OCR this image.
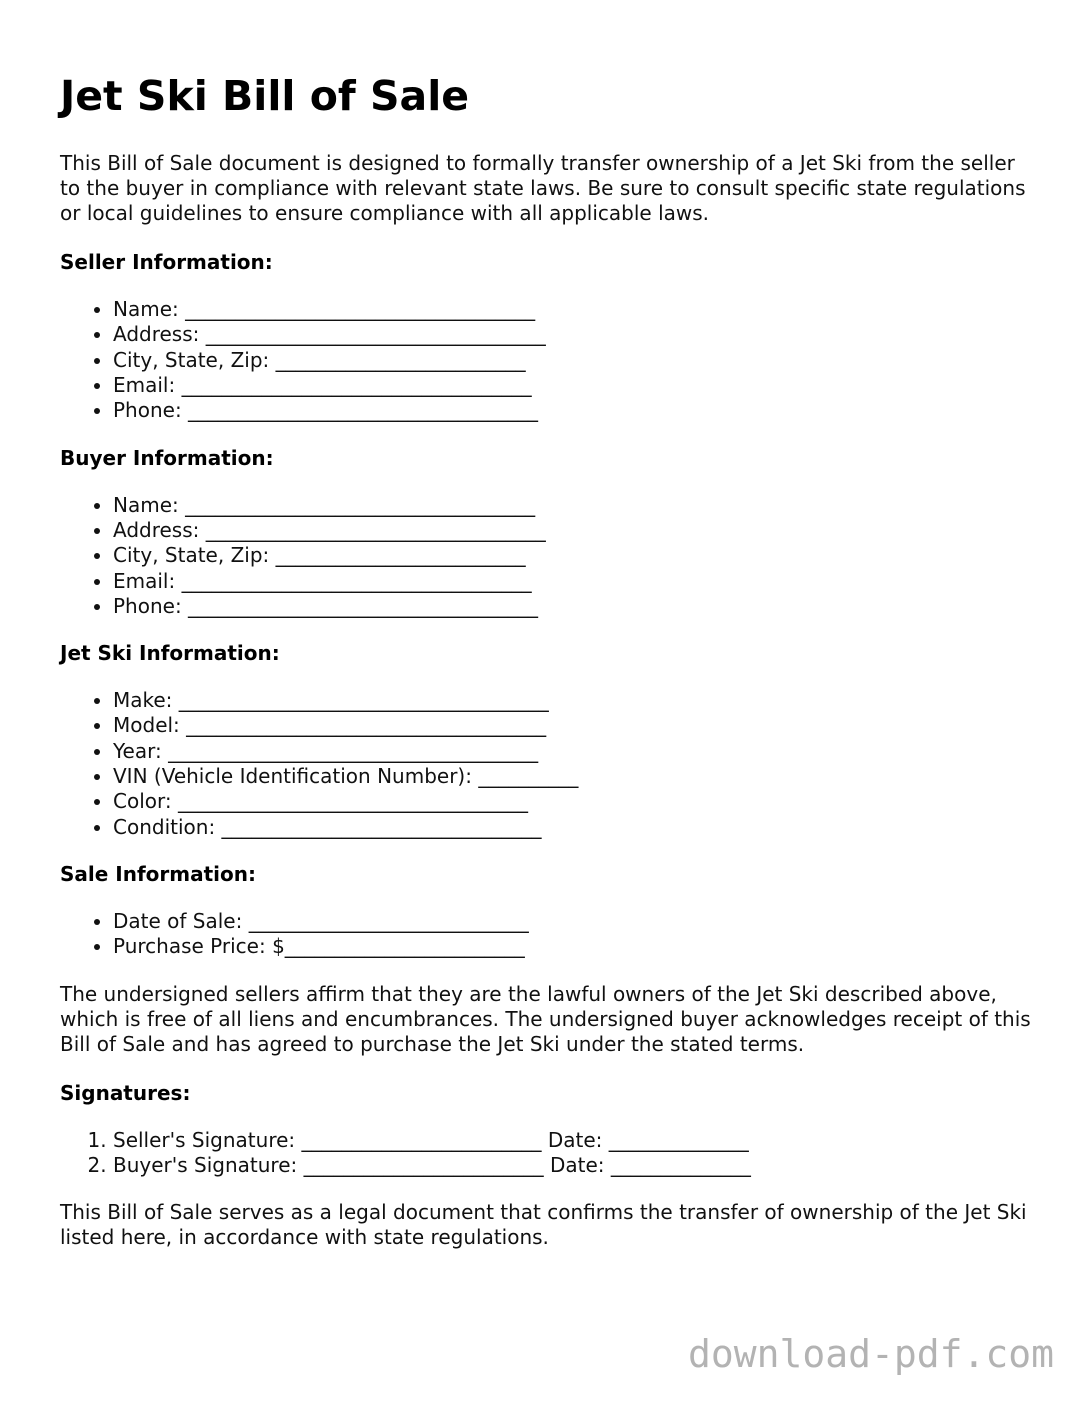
Jet Ski Bill of Sale

This Bill of Sale document is designed to formally transfer ownership of a Jet Ski from the seller to the buyer in compliance with relevant state laws. Be sure to consult specific state regulations or local guidelines to ensure compliance with all applicable laws.

Seller Information:
• Name: ___________________________________
• Address: __________________________________
• City, State, Zip: _________________________
• Email: ___________________________________
• Phone: ___________________________________
Buyer Information:
• Name: ___________________________________
• Address: __________________________________
• City, State, Zip: _________________________
• Email: ___________________________________
• Phone: ___________________________________
Jet Ski Information:
• Make: _____________________________________
• Model: ____________________________________
• Year: _____________________________________
• VIN (Vehicle Identification Number): __________
• Color: ___________________________________
• Condition: ________________________________
Sale Information:
• Date of Sale: ____________________________
• Purchase Price: $________________________

The undersigned sellers affirm that they are the lawful owners of the Jet Ski described above, which is free of all liens and encumbrances. The undersigned buyer acknowledges receipt of this Bill of Sale and has agreed to purchase the Jet Ski under the stated terms.

Signatures:
1. Seller's Signature: ________________________ Date: ______________
2. Buyer's Signature: ________________________ Date: ______________

This Bill of Sale serves as a legal document that confirms the transfer of ownership of the Jet Ski listed here, in accordance with state regulations.

download-pdf.com
